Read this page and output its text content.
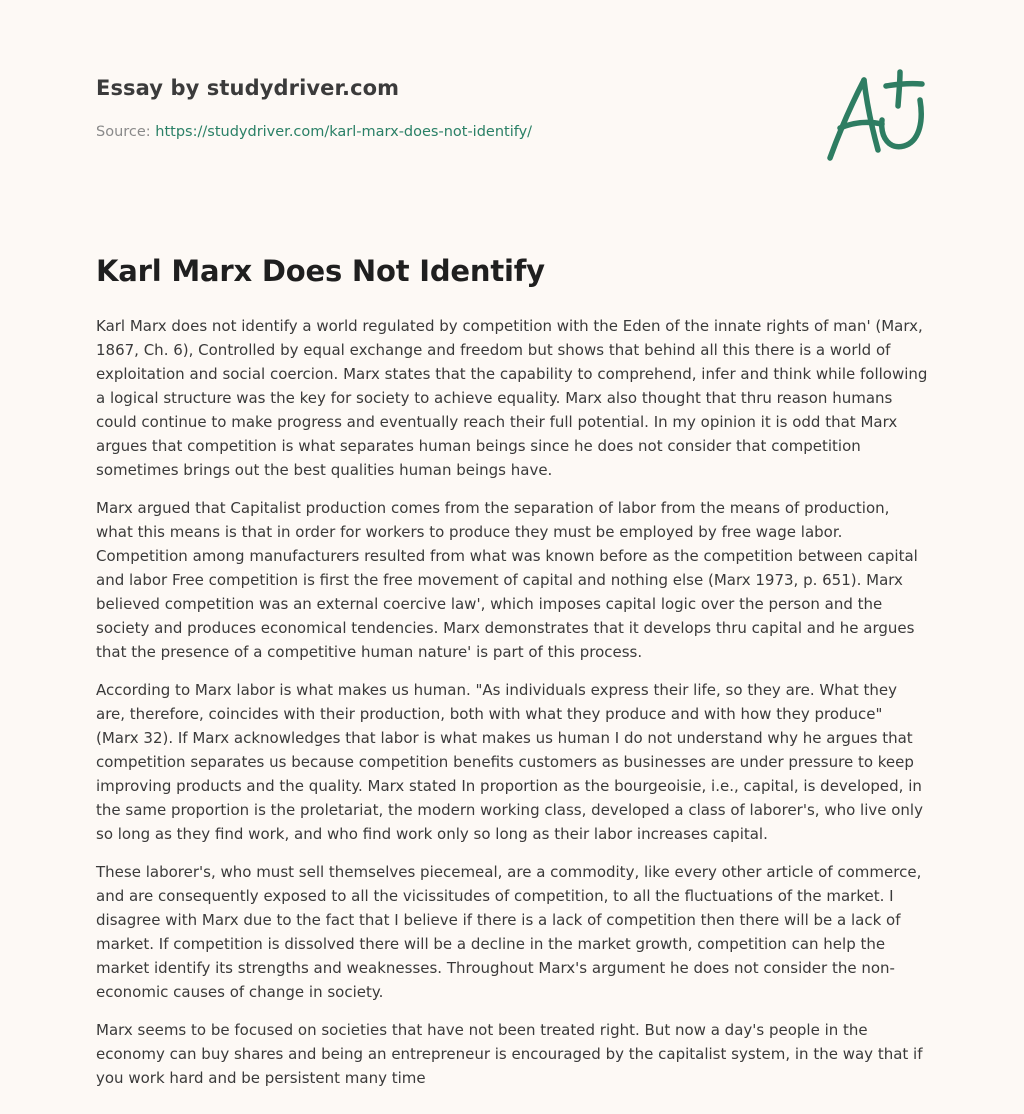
Essay by studydriver.com
Source: https://studydriver.com/karl-marx-does-not-identify/
Karl Marx Does Not Identify

Karl Marx does not identify a world regulated by competition with the Eden of the innate rights of man' (Marx, 1867, Ch. 6), Controlled by equal exchange and freedom but shows that behind all this there is a world of exploitation and social coercion. Marx states that the capability to comprehend, infer and think while following a logical structure was the key for society to achieve equality. Marx also thought that thru reason humans could continue to make progress and eventually reach their full potential. In my opinion it is odd that Marx argues that competition is what separates human beings since he does not consider that competition sometimes brings out the best qualities human beings have.

Marx argued that Capitalist production comes from the separation of labor from the means of production, what this means is that in order for workers to produce they must be employed by free wage labor. Competition among manufacturers resulted from what was known before as the competition between capital and labor Free competition is first the free movement of capital and nothing else (Marx 1973, p. 651). Marx believed competition was an external coercive law', which imposes capital logic over the person and the society and produces economical tendencies. Marx demonstrates that it develops thru capital and he argues that the presence of a competitive human nature' is part of this process.

According to Marx labor is what makes us human. "As individuals express their life, so they are. What they are, therefore, coincides with their production, both with what they produce and with how they produce" (Marx 32). If Marx acknowledges that labor is what makes us human I do not understand why he argues that competition separates us because competition benefits customers as businesses are under pressure to keep improving products and the quality. Marx stated In proportion as the bourgeoisie, i.e., capital, is developed, in the same proportion is the proletariat, the modern working class, developed a class of laborer's, who live only so long as they find work, and who find work only so long as their labor increases capital.

These laborer's, who must sell themselves piecemeal, are a commodity, like every other article of commerce, and are consequently exposed to all the vicissitudes of competition, to all the fluctuations of the market. I disagree with Marx due to the fact that I believe if there is a lack of competition then there will be a lack of market. If competition is dissolved there will be a decline in the market growth, competition can help the market identify its strengths and weaknesses. Throughout Marx's argument he does not consider the non-economic causes of change in society.

Marx seems to be focused on societies that have not been treated right. But now a day's people in the economy can buy shares and being an entrepreneur is encouraged by the capitalist system, in the way that if you work hard and be persistent many time
